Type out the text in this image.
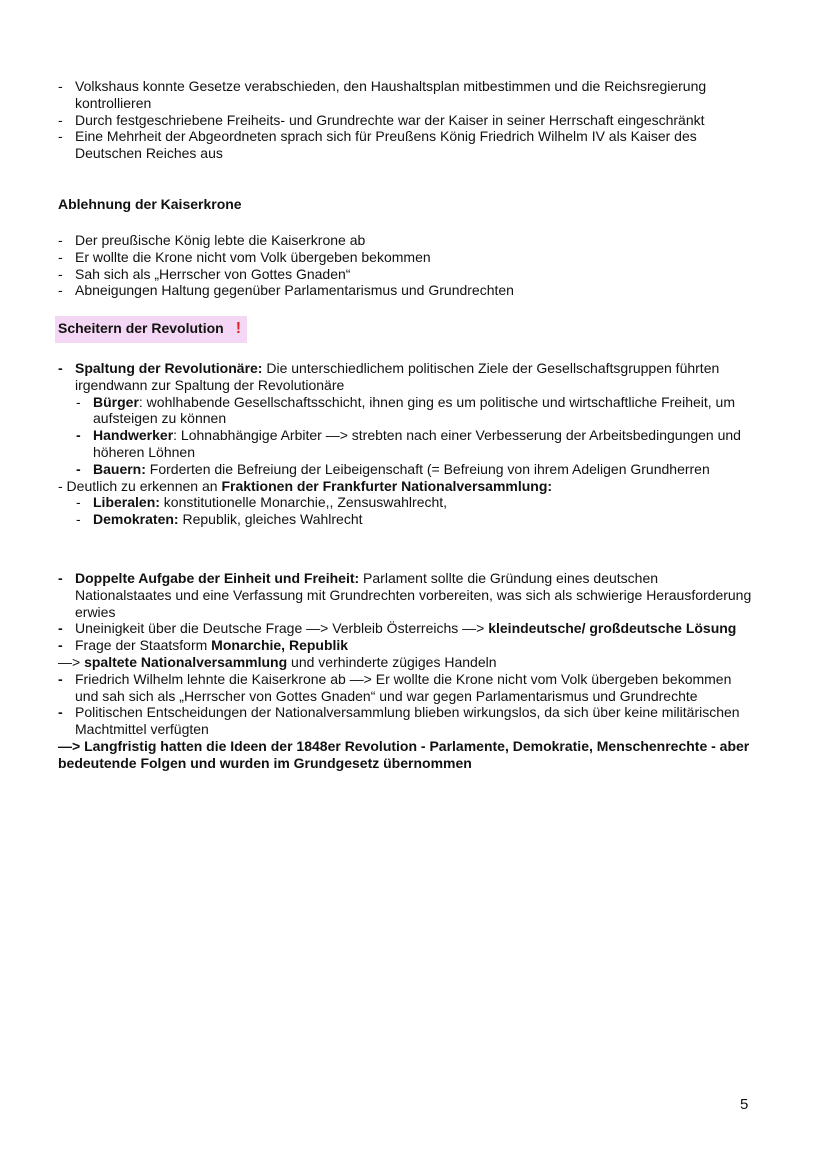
- Volkshaus konnte Gesetze verabschieden, den Haushaltsplan mitbestimmen und die Reichsregierung kontrollieren
- Durch festgeschriebene Freiheits- und Grundrechte war der Kaiser in seiner Herrschaft eingeschränkt
- Eine Mehrheit der Abgeordneten sprach sich für Preußens König Friedrich Wilhelm IV als Kaiser des Deutschen Reiches aus
Ablehnung der Kaiserkrone
- Der preußische König lebte die Kaiserkrone ab
- Er wollte die Krone nicht vom Volk übergeben bekommen
- Sah sich als „Herrscher von Gottes Gnaden“
- Abneigungen Haltung gegenüber Parlamentarismus und Grundrechten
Scheitern der Revolution !
- Spaltung der Revolutionäre: Die unterschiedlichem politischen Ziele der Gesellschaftsgruppen führten irgendwann zur Spaltung der Revolutionäre
- Bürger: wohlhabende Gesellschaftsschicht, ihnen ging es um politische und wirtschaftliche Freiheit, um aufsteigen zu können
- Handwerker: Lohnabhängige Arbiter —> strebten nach einer Verbesserung der Arbeitsbedingungen und höheren Löhnen
- Bauern: Forderten die Befreiung der Leibeigenschaft (= Befreiung von ihrem Adeligen Grundherren
- Deutlich zu erkennen an Fraktionen der Frankfurter Nationalversammlung:
- Liberalen: konstitutionelle Monarchie,, Zensuswahlrecht,
- Demokraten: Republik, gleiches Wahlrecht
- Doppelte Aufgabe der Einheit und Freiheit: Parlament sollte die Gründung eines deutschen Nationalstaates und eine Verfassung mit Grundrechten vorbereiten, was sich als schwierige Herausforderung erwies
- Uneinigkeit über die Deutsche Frage —> Verbleib Österreichs —> kleindeutsche/ großdeutsche Lösung
- Frage der Staatsform Monarchie, Republik
—> spaltete Nationalversammlung und verhinderte zügiges Handeln
- Friedrich Wilhelm lehnte die Kaiserkrone ab —> Er wollte die Krone nicht vom Volk übergeben bekommen und sah sich als „Herrscher von Gottes Gnaden“ und war gegen Parlamentarismus und Grundrechte
- Politischen Entscheidungen der Nationalversammlung blieben wirkungslos, da sich über keine militärischen Machtmittel verfügten
—> Langfristig hatten die Ideen der 1848er Revolution - Parlamente, Demokratie, Menschenrechte - aber bedeutende Folgen und wurden im Grundgesetz übernommen
5
